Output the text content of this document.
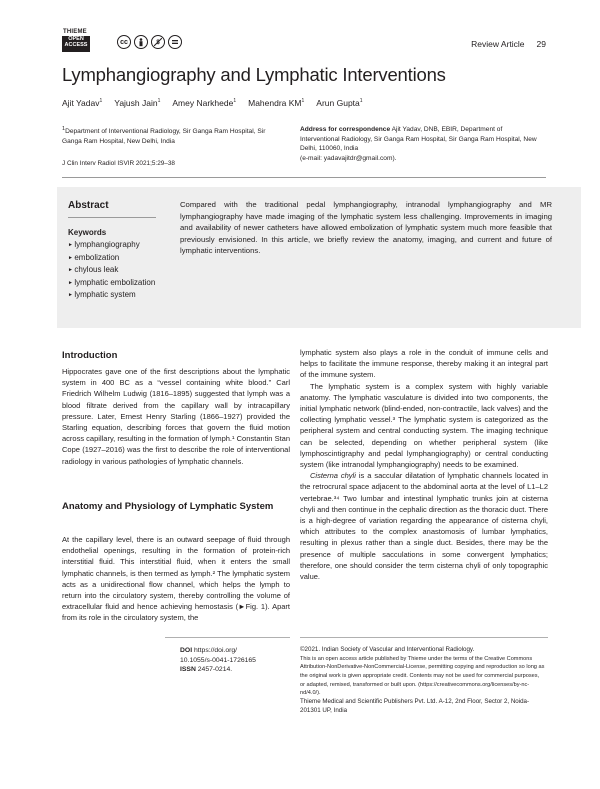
THIEME
OPEN
ACCESS	cc	$	Review Article 29
Lymphangiography and Lymphatic Interventions
Ajit Yadav$^1$ Yajush Jain$^1$ Amey Narkhede$^1$ Mahendra $KM^1$ Arun Gupta$^1$
$^1$Department of Interventional Radiology, Sir Ganga Ram Hospital, Sir Ganga Ram Hospital, New Delhi, India
Address for correspondence Ajit Yadav, DNB, EBIR, Department of Interventional Radiology, Sir Ganga Ram Hospital, Sir Ganga Ram Hospital, New Delhi, 110060, India
(e-mail: yadavajitdr@gmail.com).
J Clin Interv Radiol ISVIR 2021;5:29–38
Abstract
Keywords
► lymphangiography
► embolization
► chylous leak
► lymphatic embolization
► lymphatic system
Compared with the traditional pedal lymphangiography, intranodal lymphangiography and MR lymphangiography have made imaging of the lymphatic system less challenging. Improvements in imaging and availability of newer catheters have allowed embolization of lymphatic system much more feasible that previously envisioned. In this article, we briefly review the anatomy, imaging, and current and future of lymphatic interventions.
Introduction

Hippocrates gave one of the first descriptions about the lymphatic system in 400 BC as a “vessel containing white blood.” Carl Friedrich Wilhelm Ludwig (1816–1895) suggested that lymph was a blood filtrate derived from the capillary wall by intracapillary pressure. Later, Ernest Henry Starling (1866–1927) provided the Starling equation, describing forces that govern the fluid motion across capillary, resulting in the formation of lymph.¹ Constantin Stan Cope (1927–2016) was the first to describe the role of interventional radiology in various pathologies of lymphatic channels.

Anatomy and Physiology of Lymphatic System

At the capillary level, there is an outward seepage of fluid through endothelial openings, resulting in the formation of protein-rich interstitial fluid. This interstitial fluid, when it enters the small lymphatic channels, is then termed as lymph.² The lymphatic system acts as a unidirectional flow channel, which helps the lymph to return into the circulatory system, thereby controlling the volume of extracellular fluid and hence achieving hemostasis (►Fig. 1). Apart from its role in the circulatory system, the

lymphatic system also plays a role in the conduit of immune cells and helps to facilitate the immune response, thereby making it an integral part of the immune system.

The lymphatic system is a complex system with highly variable anatomy. The lymphatic vasculature is divided into two components, the initial lymphatic network (blind-ended, non-contractile, lack valves) and the collecting lymphatic vessel.³ The lymphatic system is categorized as the peripheral system and central conducting system. The imaging technique can be selected, depending on whether peripheral system (like lymphoscintigraphy and pedal lymphangiography) or central conducting system (like intranodal lymphangiography) needs to be examined.

Cisterna chyli is a saccular dilatation of lymphatic channels located in the retrocrural space adjacent to the abdominal aorta at the level of L1–L2 vertebrae.³⁴ Two lumbar and intestinal lymphatic trunks join at cisterna chyli and then continue in the cephalic direction as the thoracic duct. There is a high-degree of variation regarding the appearance of cisterna chyli, which attributes to the complex anastomosis of lumbar lymphatics, resulting in plexus rather than a single duct. Besides, there may be the presence of multiple sacculations in some convergent lymphatics; therefore, one should consider the term cisterna chyli of only topographic value.

DOI https://doi.org/
10.1055/s-0041-1726165
ISSN 2457-0214.
©2021. Indian Society of Vascular and Interventional Radiology.
This is an open access article published by Thieme under the terms of the Creative Commons Attribution-NonDerivative-NonCommercial-License, permitting copying and reproduction so long as the original work is given appropriate credit. Contents may not be used for commercial purposes, or adapted, remixed, transformed or built upon. (https://creativecommons.org/licenses/by-nc-nd/4.0/).
Thieme Medical and Scientific Publishers Pvt. Ltd. A-12, 2nd Floor, Sector 2, Noida-201301 UP, India
